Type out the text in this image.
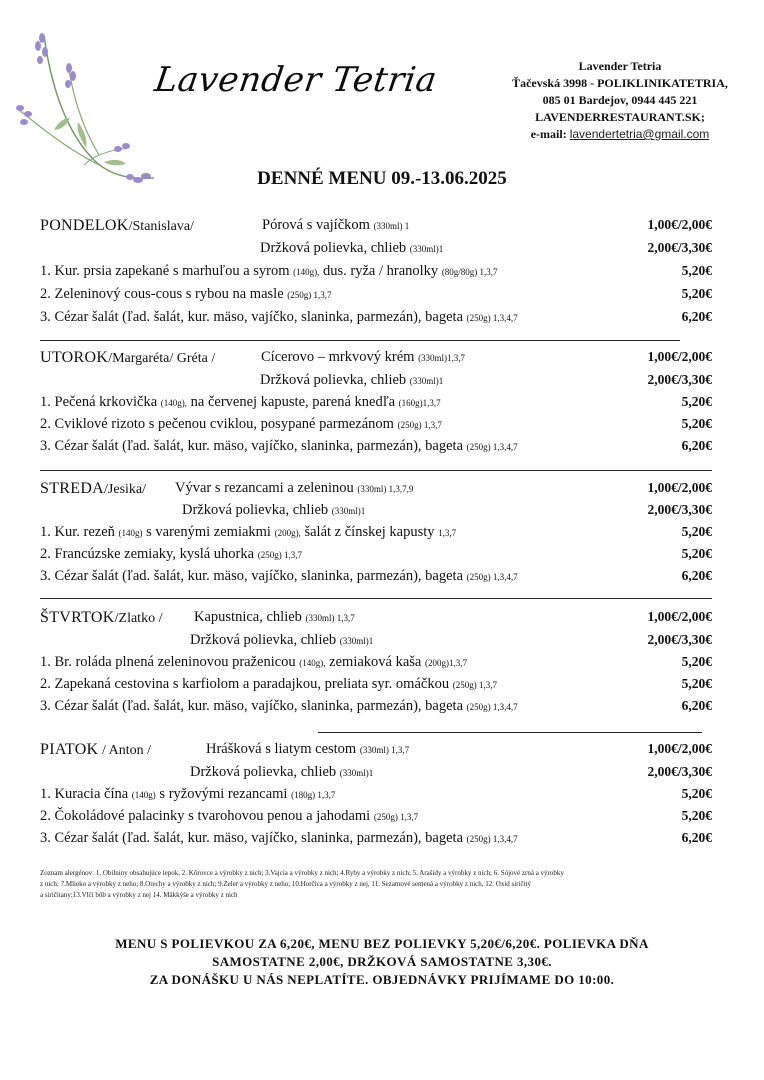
Lavender Tetria	Lavender Tetria
Ťačevská 3998 - POLIKLINIKATETRIA,
085 01 Bardejov, 0944 445 221
LAVENDERRESTAURANT.SK;
e-mail: lavendertetria@gmail.com
DENNÉ MENU 09.-13.06.2025
PONDELOK/Stanislava/	Pórová s vajíčkom (330ml) 1	1,00€/2,00€
Držková polievka, chlieb (330ml)1	2,00€/3,30€
1. Kur. prsia zapekané s marhuľou a syrom (140g), dus. ryža / hranolky (80g/80g) 1,3,7	5,20€
2. Zeleninový cous-cous s rybou na masle (250g) 1,3,7	5,20€
3. Cézar šalát (ľad. šalát, kur. mäso, vajíčko, slaninka, parmezán), bageta (250g) 1,3,4,7	6,20€
UTOROK/Margaréta/ Gréta /	Cícerovo – mrkvový krém (330ml)1,3,7	1,00€/2,00€
Držková polievka, chlieb (330ml)1	2,00€/3,30€
1. Pečená krkovička (140g), na červenej kapuste, parená knedľa (160g)1,3,7	5,20€
2. Cviklové rizoto s pečenou cviklou, posypané parmezánom (250g) 1,3,7	5,20€
3. Cézar šalát (ľad. šalát, kur. mäso, vajíčko, slaninka, parmezán), bageta (250g) 1,3,4,7	6,20€
STREDA/Jesika/ Vývar s rezancami a zeleninou (330ml) 1,3,7,9	1,00€/2,00€
Držková polievka, chlieb (330ml)1	2,00€/3,30€
1. Kur. rezeň (140g) s varenými zemiakmi (200g), šalát z čínskej kapusty 1,3,7	5,20€
2. Francúzske zemiaky, kyslá uhorka (250g) 1,3,7	5,20€
3. Cézar šalát (ľad. šalát, kur. mäso, vajíčko, slaninka, parmezán), bageta (250g) 1,3,4,7	6,20€
ŠTVRTOK/Zlatko / Kapustnica, chlieb (330ml) 1,3,7	1,00€/2,00€
Držková polievka, chlieb (330ml)1	2,00€/3,30€
1. Br. roláda plnená zeleninovou praženicou (140g), zemiaková kaša (200g)1,3,7	5,20€
2. Zapekaná cestovina s karfiolom a paradajkou, preliata syr. omáčkou (250g) 1,3,7	5,20€
3. Cézar šalát (ľad. šalát, kur. mäso, vajíčko, slaninka, parmezán), bageta (250g) 1,3,4,7	6,20€
PIATOK / Anton /	Hrášková s liatym cestom (330ml) 1,3,7	1,00€/2,00€
Držková polievka, chlieb (330ml)1	2,00€/3,30€
1. Kuracia čína (140g) s ryžovými rezancami (180g) 1,3,7	5,20€
2. Čokoládové palacinky s tvarohovou penou a jahodami (250g) 1,3,7	5,20€
3. Cézar šalát (ľad. šalát, kur. mäso, vajíčko, slaninka, parmezán), bageta (250g) 1,3,4,7	6,20€
Zoznam alergénov: 1. Obilniny obsahujúce lepok, 2. Kôrovce a výrobky z nich; 3.Vajcia a výrobky z nich; 4.Ryby a výrobky z nich; 5. Arašidy a výrobky z nich; 6. Sójové zrná a výrobky
z nich; 7.Mlieko a výrobky z neho; 8.Orechy a výrobky z nich; 9.Zeler a výrobky z neho; 10.Horčica a výrobky z nej, 11. Sezamové semená a výrobky z nich, 12. Oxid siričitý
a siričitany;13.Vlčí bôb a výrobky z nej 14. Mäkkýše a výrobky z nich
MENU S POLIEVKOU ZA 6,20€, MENU BEZ POLIEVKY 5,20€/6,20€. POLIEVKA DŇA
SAMOSTATNE 2,00€, DRŽKOVÁ SAMOSTATNE 3,30€.
ZA DONÁŠKU U NÁS NEPLATÍTE. OBJEDNÁVKY PRIJÍMAME DO 10:00.
